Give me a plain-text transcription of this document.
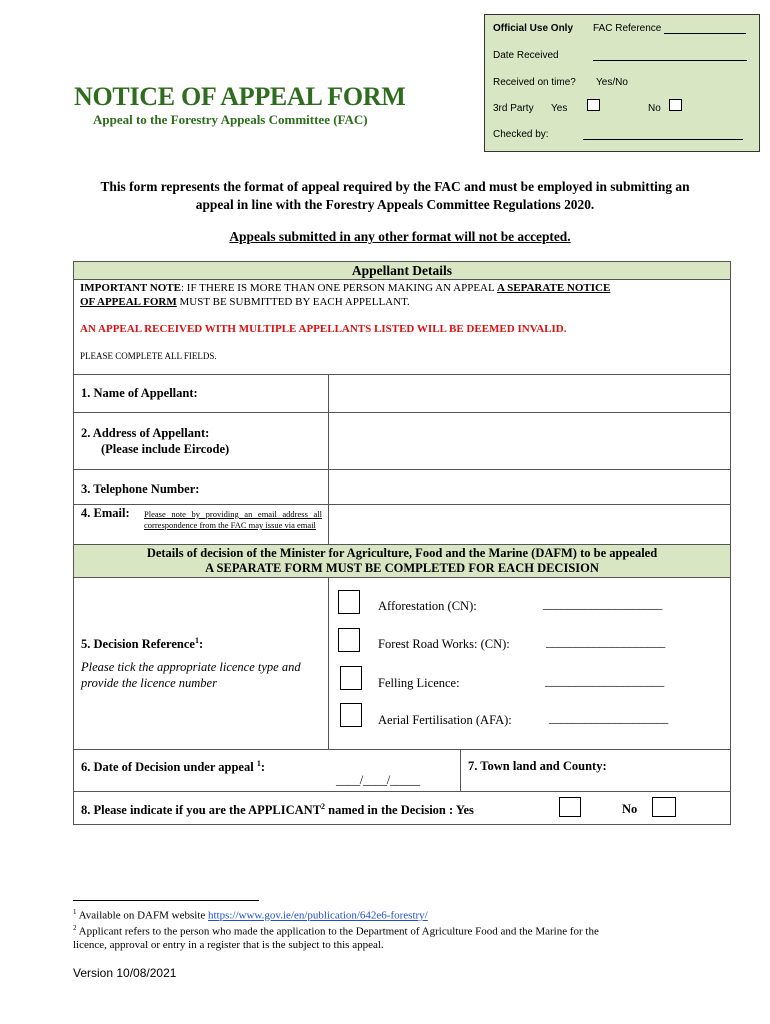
Official Use Only FAC Reference
Date Received
Received on time? Yes/No
3rd Party Yes	No
Checked by:
NOTICE OF APPEAL FORM
Appeal to the Forestry Appeals Committee (FAC)
This form represents the format of appeal required by the FAC and must be employed in submitting an appeal in line with the Forestry Appeals Committee Regulations 2020.
Appeals submitted in any other format will not be accepted.
Appellant Details
IMPORTANT NOTE: IF THERE IS MORE THAN ONE PERSON MAKING AN APPEAL A SEPARATE NOTICE
OF APPEAL FORM MUST BE SUBMITTED BY EACH APPELLANT.
AN APPEAL RECEIVED WITH MULTIPLE APPELLANTS LISTED WILL BE DEEMED INVALID.
PLEASE COMPLETE ALL FIELDS.
1. Name of Appellant:
2. Address of Appellant:
(Please include Eircode)
3. Telephone Number:
4. Email: Please note by providing an email address all correspondence from the FAC may issue via email
Details of decision of the Minister for Agriculture, Food and the Marine (DAFM) to be appealed
A SEPARATE FORM MUST BE COMPLETED FOR EACH DECISION
5. Decision Reference$^1$:
Please tick the appropriate licence type and provide the licence number
Afforestation (CN):	____________________
Forest Road Works: (CN):	____________________
Felling Licence:	____________________
Aerial Fertilisation (AFA):	____________________
6. Date of Decision under appeal $^1$:
____/____/_____
7. Town land and County:
8. Please indicate if you are the APPLICANT$^2$ named in the Decision : Yes	No
$^1$ Available on DAFM website https://www.gov.ie/en/publication/642e6-forestry/
$^2$ Applicant refers to the person who made the application to the Department of Agriculture Food and the Marine for the
licence, approval or entry in a register that is the subject to this appeal.
Version 10/08/2021
